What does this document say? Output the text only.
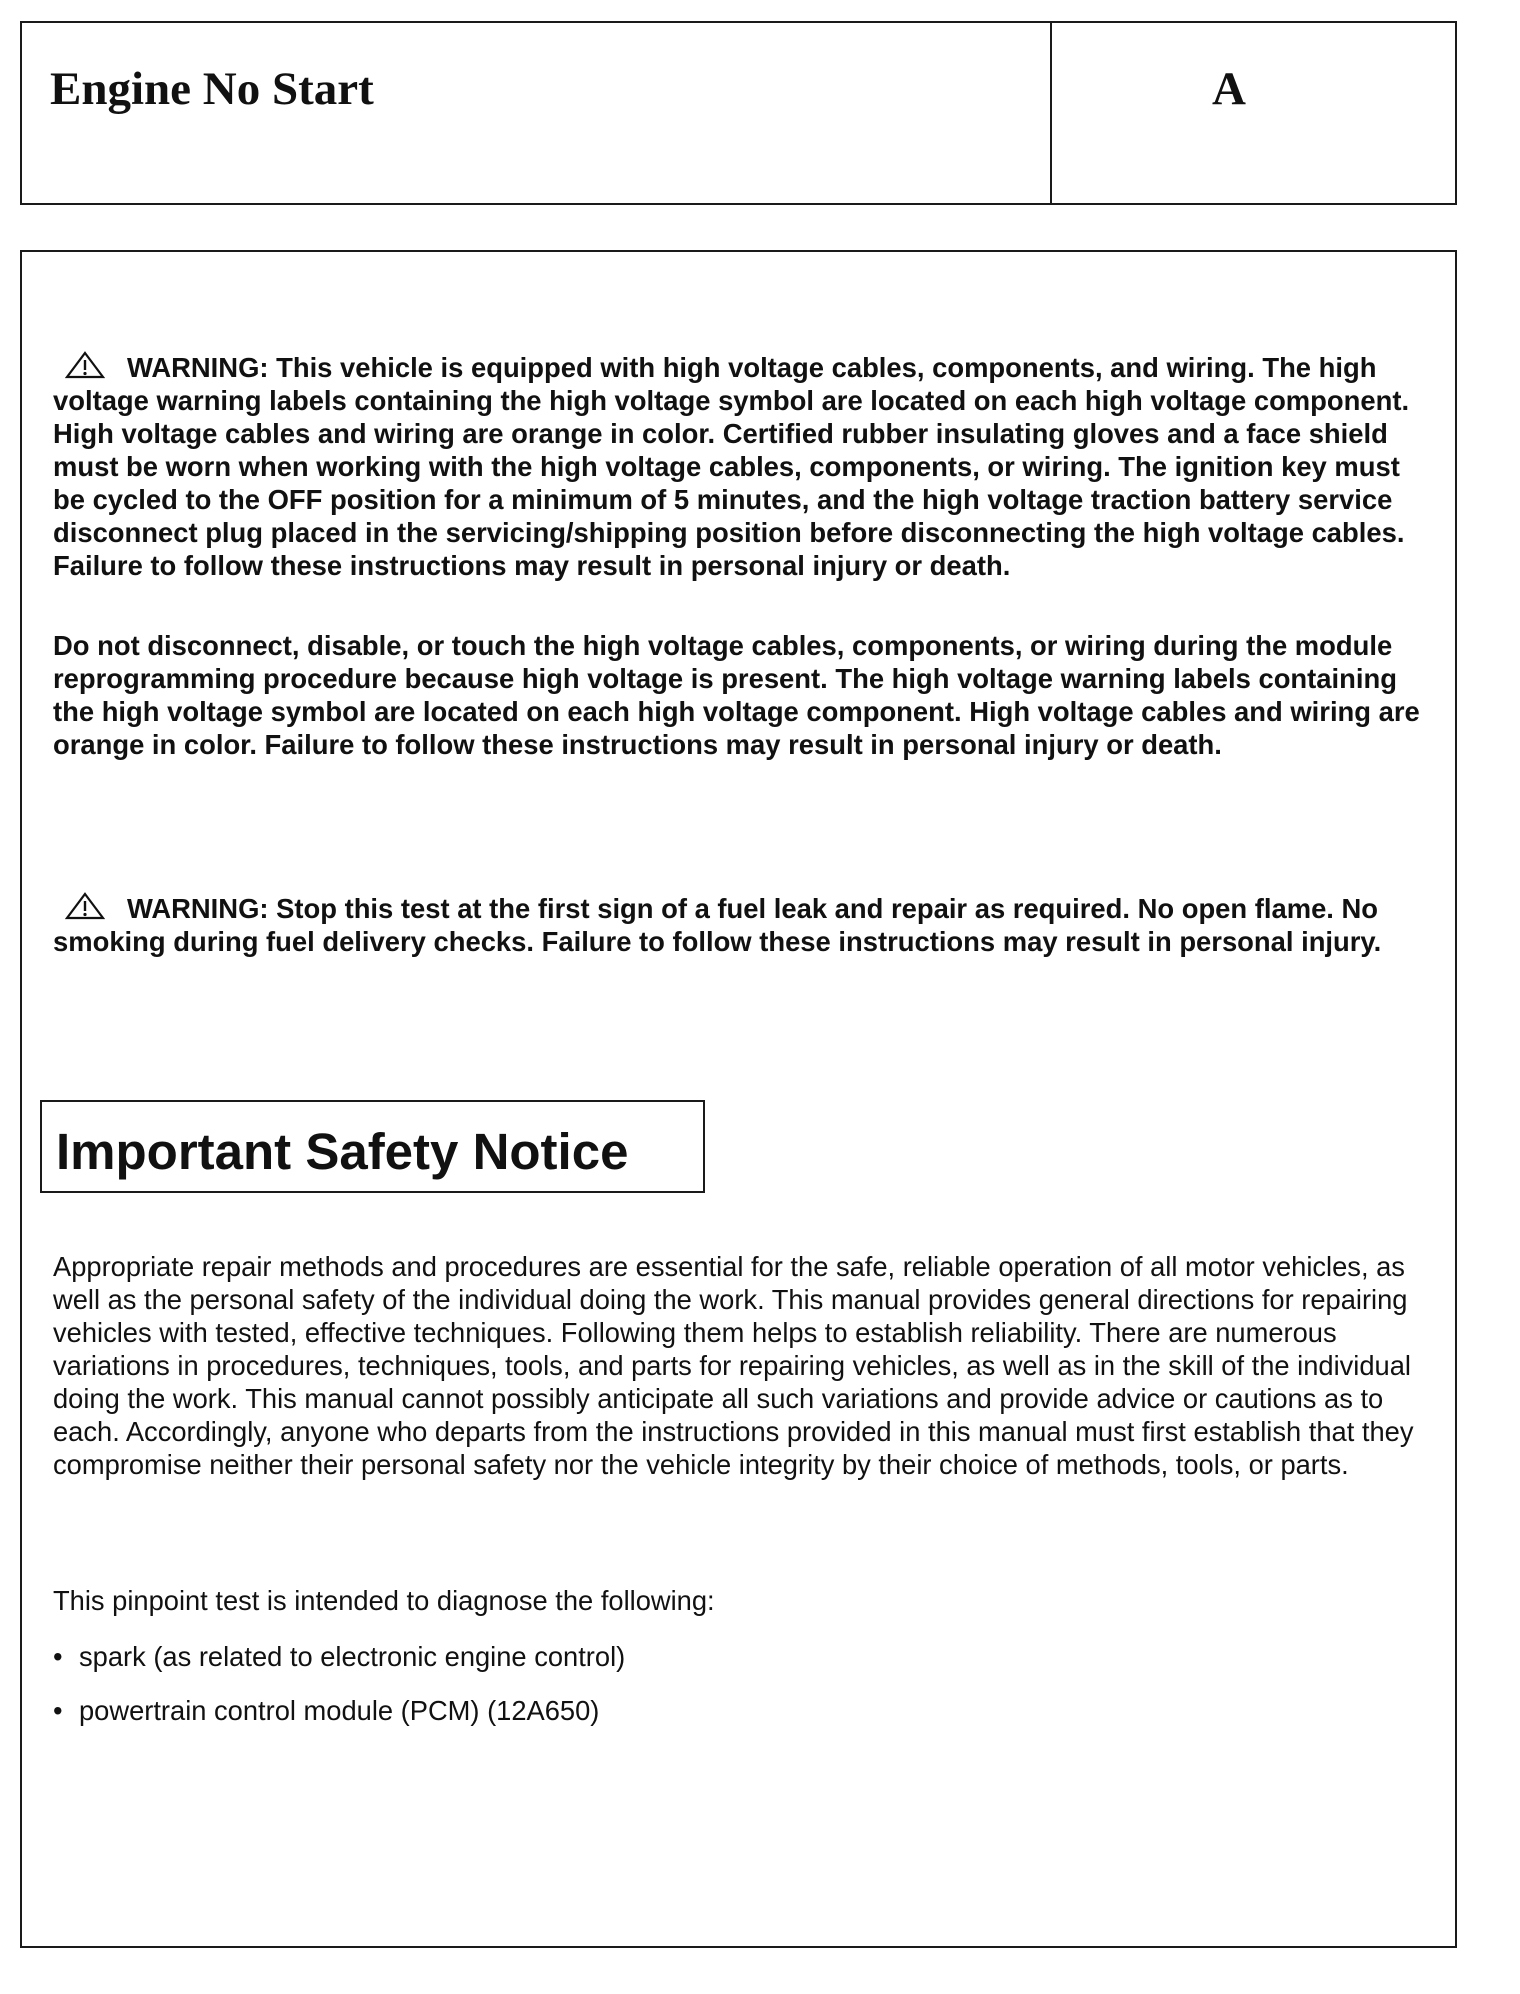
Engine No Start	A

WARNING: This vehicle is equipped with high voltage cables, components, and wiring. The high voltage warning labels containing the high voltage symbol are located on each high voltage component. High voltage cables and wiring are orange in color. Certified rubber insulating gloves and a face shield must be worn when working with the high voltage cables, components, or wiring. The ignition key must be cycled to the OFF position for a minimum of 5 minutes, and the high voltage traction battery service disconnect plug placed in the servicing/shipping position before disconnecting the high voltage cables. Failure to follow these instructions may result in personal injury or death.

Do not disconnect, disable, or touch the high voltage cables, components, or wiring during the module reprogramming procedure because high voltage is present. The high voltage warning labels containing the high voltage symbol are located on each high voltage component. High voltage cables and wiring are orange in color. Failure to follow these instructions may result in personal injury or death.

WARNING: Stop this test at the first sign of a fuel leak and repair as required. No open flame. No smoking during fuel delivery checks. Failure to follow these instructions may result in personal injury.

Important Safety Notice

Appropriate repair methods and procedures are essential for the safe, reliable operation of all motor vehicles, as well as the personal safety of the individual doing the work. This manual provides general directions for repairing vehicles with tested, effective techniques. Following them helps to establish reliability. There are numerous variations in procedures, techniques, tools, and parts for repairing vehicles, as well as in the skill of the individual doing the work. This manual cannot possibly anticipate all such variations and provide advice or cautions as to each. Accordingly, anyone who departs from the instructions provided in this manual must first establish that they compromise neither their personal safety nor the vehicle integrity by their choice of methods, tools, or parts.

This pinpoint test is intended to diagnose the following:

• spark (as related to electronic engine control)

• powertrain control module (PCM) (12A650)
